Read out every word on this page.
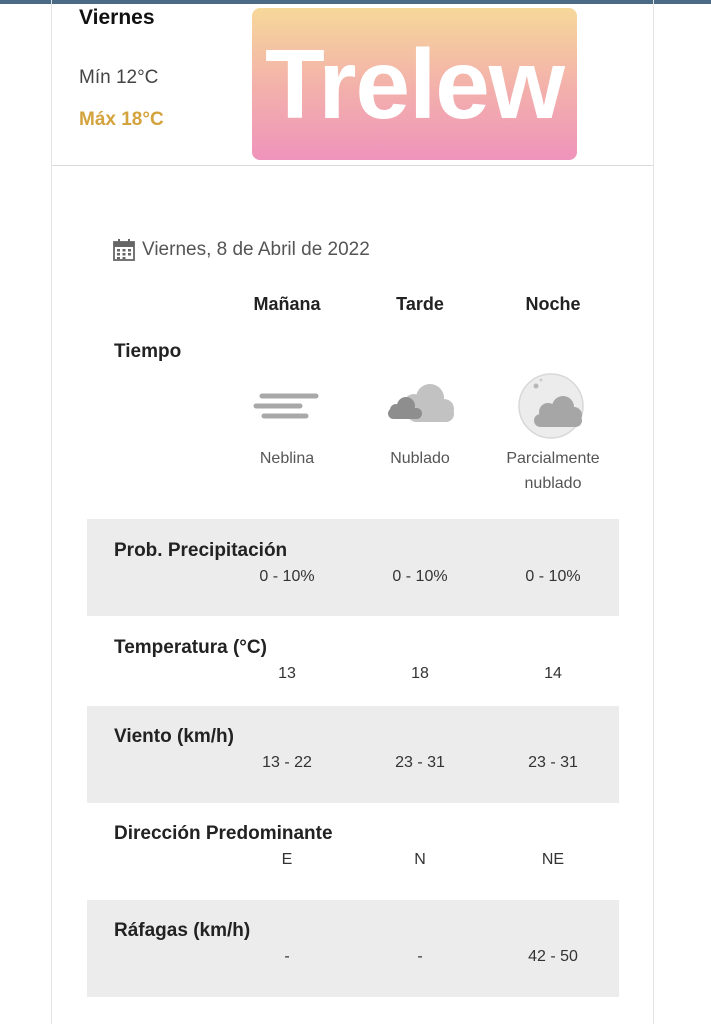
Viernes
Mín 12°C
Máx 18°C Trelew
Viernes, 8 de Abril de 2022
Mañana	Tarde	Noche
Tiempo
Neblina	Nublado	Parcialmente
nublado
Prob. Precipitación
0 - 10%	0 - 10%	0 - 10%
Temperatura (°C)
13	18	14
Viento (km/h)
13 - 22	23 - 31	23 - 31
Dirección Predominante
E	N	NE
Ráfagas (km/h)
-	-	42 - 50
